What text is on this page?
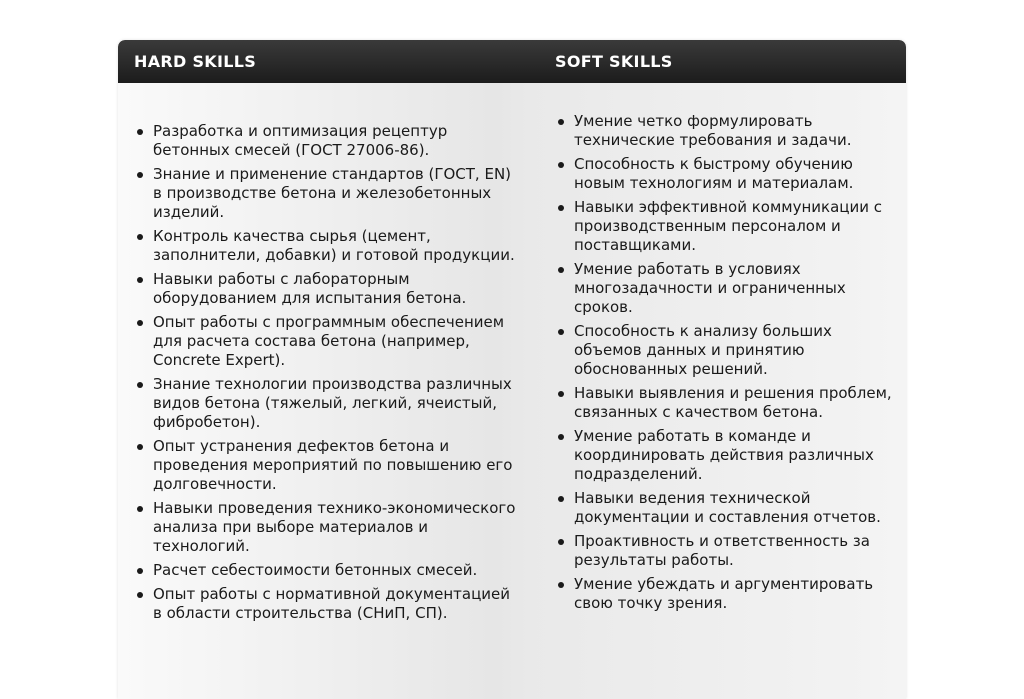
HARD SKILLS	SOFT SKILLS
Разработка и оптимизация рецептур бетонных смесей (ГОСТ 27006-86).
Знание и применение стандартов (ГОСТ, EN) в производстве бетона и железобетонных изделий.
Контроль качества сырья (цемент, заполнители, добавки) и готовой продукции.
Навыки работы с лабораторным оборудованием для испытания бетона.
Опыт работы с программным обеспечением для расчета состава бетона (например, Concrete Expert).
Знание технологии производства различных видов бетона (тяжелый, легкий, ячеистый, фибробетон).
Опыт устранения дефектов бетона и проведения мероприятий по повышению его долговечности.
Навыки проведения технико-экономического анализа при выборе материалов и технологий.
Расчет себестоимости бетонных смесей.
Опыт работы с нормативной документацией в области строительства (СНиП, СП).
Умение четко формулировать технические требования и задачи.
Способность к быстрому обучению новым технологиям и материалам.
Навыки эффективной коммуникации с производственным персоналом и поставщиками.
Умение работать в условиях многозадачности и ограниченных сроков.
Способность к анализу больших объемов данных и принятию обоснованных решений.
Навыки выявления и решения проблем, связанных с качеством бетона.
Умение работать в команде и координировать действия различных подразделений.
Навыки ведения технической документации и составления отчетов.
Проактивность и ответственность за результаты работы.
Умение убеждать и аргументировать свою точку зрения.
